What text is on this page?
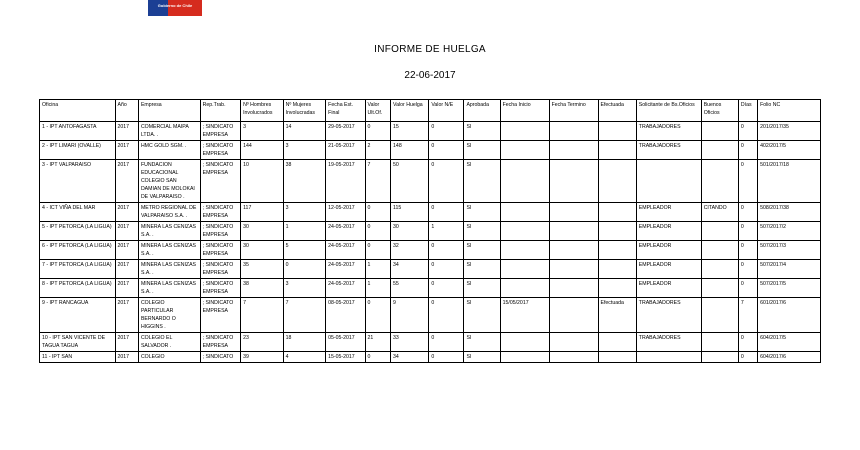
Gobierno de Chile
INFORME DE HUELGA
22-06-2017
Oficina	Año	Empresa	Rep.Trab.	Nº Hombres Involucrados	Nº Mujeres Involucradas	Fecha Est. Final	Valor Ult.Of.	Valor Huelga	Valor N/E	Aprobada	Fecha Inicio	Fecha Termino	Efectuada	Solicitante de Bs.Oficios	Buenos Oficios	Días	Folio NC
1 - IPT ANTOFAGASTA	2017	COMERCIAL MAIPA LTDA. .	; SINDICATO EMPRESA	3	14	29-05-2017	0	15	0	SI				TRABAJADORES		0	201/2017/35
2 - IPT LIMARI (OVALLE)	2017	HMC GOLD SGM. .	; SINDICATO EMPRESA	144	3	21-05-2017	2	148	0	SI				TRABAJADORES		0	402/2017/5
3 - IPT VALPARAISO	2017	FUNDACION EDUCACIONAL COLEGIO SAN DAMIAN DE MOLOKAI DE VALPARAISO .	; SINDICATO EMPRESA	10	38	19-05-2017	7	50	0	SI						0	501/2017/18
4 - ICT VIÑA DEL MAR	2017	METRO REGIONAL DE VALPARAISO S.A. .	; SINDICATO EMPRESA	117	3	12-05-2017	0	115	0	SI				EMPLEADOR	CITANDO	0	508/2017/38
5 - IPT PETORCA (LA LIGUA)	2017	MINERA LAS CENIZAS S.A. .	; SINDICATO EMPRESA	30	1	24-05-2017	0	30	1	SI				EMPLEADOR		0	507/2017/2
6 - IPT PETORCA (LA LIGUA)	2017	MINERA LAS CENIZAS S.A. .	; SINDICATO EMPRESA	30	5	24-05-2017	0	32	0	SI				EMPLEADOR		0	507/2017/3
7 - IPT PETORCA (LA LIGUA)	2017	MINERA LAS CENIZAS S.A. .	; SINDICATO EMPRESA	35	0	24-05-2017	1	34	0	SI				EMPLEADOR		0	507/2017/4
8 - IPT PETORCA (LA LIGUA)	2017	MINERA LAS CENIZAS S.A. .	; SINDICATO EMPRESA	38	3	24-05-2017	1	55	0	SI				EMPLEADOR		0	507/2017/5
9 - IPT RANCAGUA	2017	COLEGIO PARTICULAR BERNARDO O HIGGINS .	; SINDICATO EMPRESA	7	7	08-05-2017	0	9	0	SI	15/05/2017		Efectuada	TRABAJADORES		7	601/2017/6
10 - IPT SAN VICENTE DE TAGUA TAGUA	2017	COLEGIO EL SALVADOR .	; SINDICATO EMPRESA	23	18	05-05-2017	21	33	0	SI				TRABAJADORES		0	604/2017/5
11 - IPT SAN	2017	COLEGIO	; SINDICATO	39	4	15-05-2017	0	34	0	SI						0	604/2017/6
